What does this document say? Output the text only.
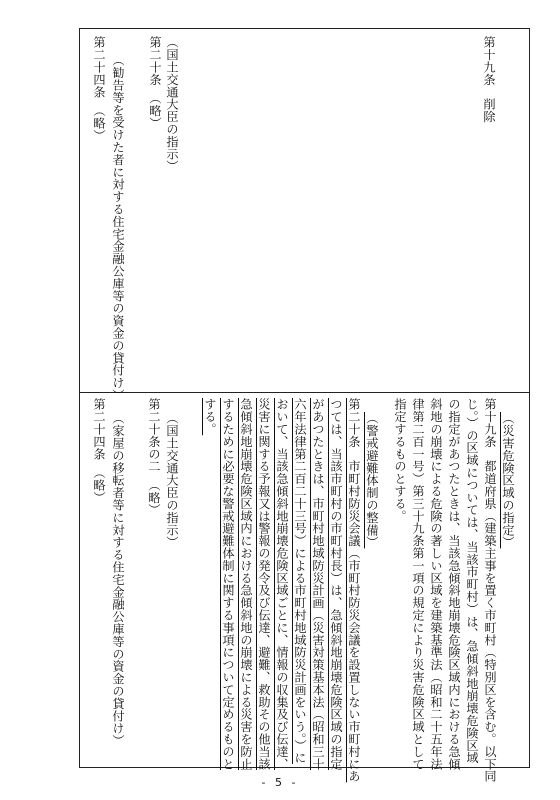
第十九条　削除
（国土交通大臣の指示）
第二十条　（略）
（勧告等を受けた者に対する住宅金融公庫等の資金の貸付け）
第二十四条　（略）
（災害危険区域の指定）
第十九条　都道府県（建築主事を置く市町村（特別区を含む。以下同
じ。）の区域については、当該市町村）は、急傾斜地崩壊危険区域
の指定があつたときは、当該急傾斜地崩壊危険区域内における急傾
斜地の崩壊による危険の著しい区域を建築基準法（昭和二十五年法
律第二百一号）第三十九条第一項の規定により災害危険区域として
指定するものとする。
（警戒避難体制の整備）
第二十条　市町村防災会議（市町村防災会議を設置しない市町村にあ
つては、当該市町村の市町村長）は、急傾斜地崩壊危険区域の指定
があつたときは、市町村地域防災計画（災害対策基本法（昭和三十
六年法律第二百二十三号）による市町村地域防災計画をいう。）に
おいて、当該急傾斜地崩壊危険区域ごとに、情報の収集及び伝達、
災害に関する予報又は警報の発令及び伝達、避難、救助その他当該
急傾斜地崩壊危険区域内における急傾斜地の崩壊による災害を防止
するために必要な警戒避難体制に関する事項について定めるものと
する。
（国土交通大臣の指示）
第二十条の二　（略）
（家屋の移転者等に対する住宅金融公庫等の資金の貸付け）
第二十四条　（略）
- 5 -
